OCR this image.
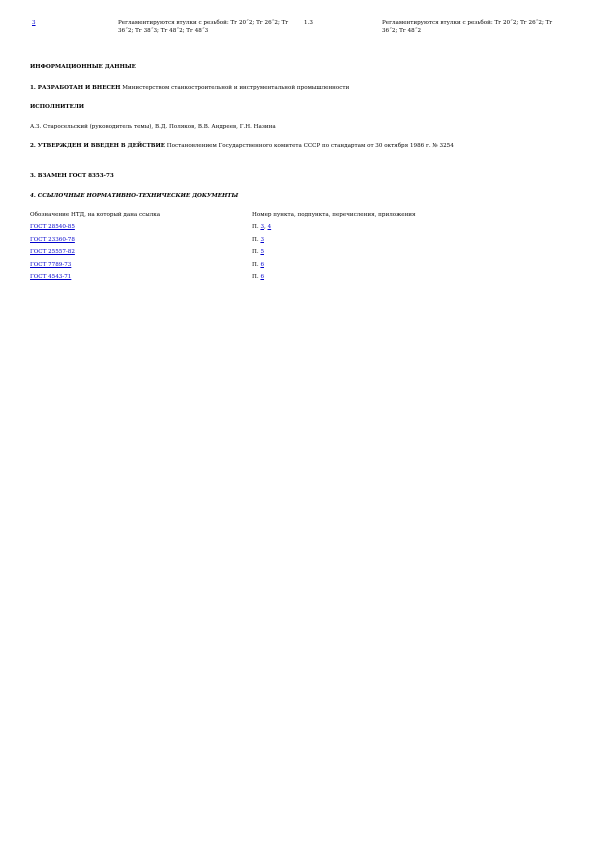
3	Регламентируются втулки с резьбой: Тг 20˝2; Тг 26˝2; Тг 36˝2; Тг 38˝3; Тг 48˝2; Тг 48˝3
1.3	Регламентируются втулки с резьбой: Тг 20˝2; Тг 26˝2; Тг 36˝2; Тг 48˝2
ИНФОРМАЦИОННЫЕ ДАННЫЕ
1. РАЗРАБОТАН И ВНЕСЕН Министерством станкостроительной и инструментальной промышленности
ИСПОЛНИТЕЛИ
А.З. Старосельский (руководитель темы), В.Д. Поляков, В.В. Андреев, Г.Н. Назина
2. УТВЕРЖДЕН И ВВЕДЕН В ДЕЙСТВИЕ Постановлением Государственного комитета СССР по стандартам от 30 октября 1986 г. № 3254
3. ВЗАМЕН ГОСТ 8353-73
4. ССЫЛОЧНЫЕ НОРМАТИВНО-ТЕХНИЧЕСКИЕ ДОКУМЕНТЫ
Обозначение НТД, на который дана ссылка	Номер пункта, подпункта, перечисления, приложения
ГОСТ 28540-85	П. 3, 4
ГОСТ 23360-78	П. 3
ГОСТ 25557-82	П. 5
ГОСТ 7789-73	П. 6
ГОСТ 4543-71	П. 6
